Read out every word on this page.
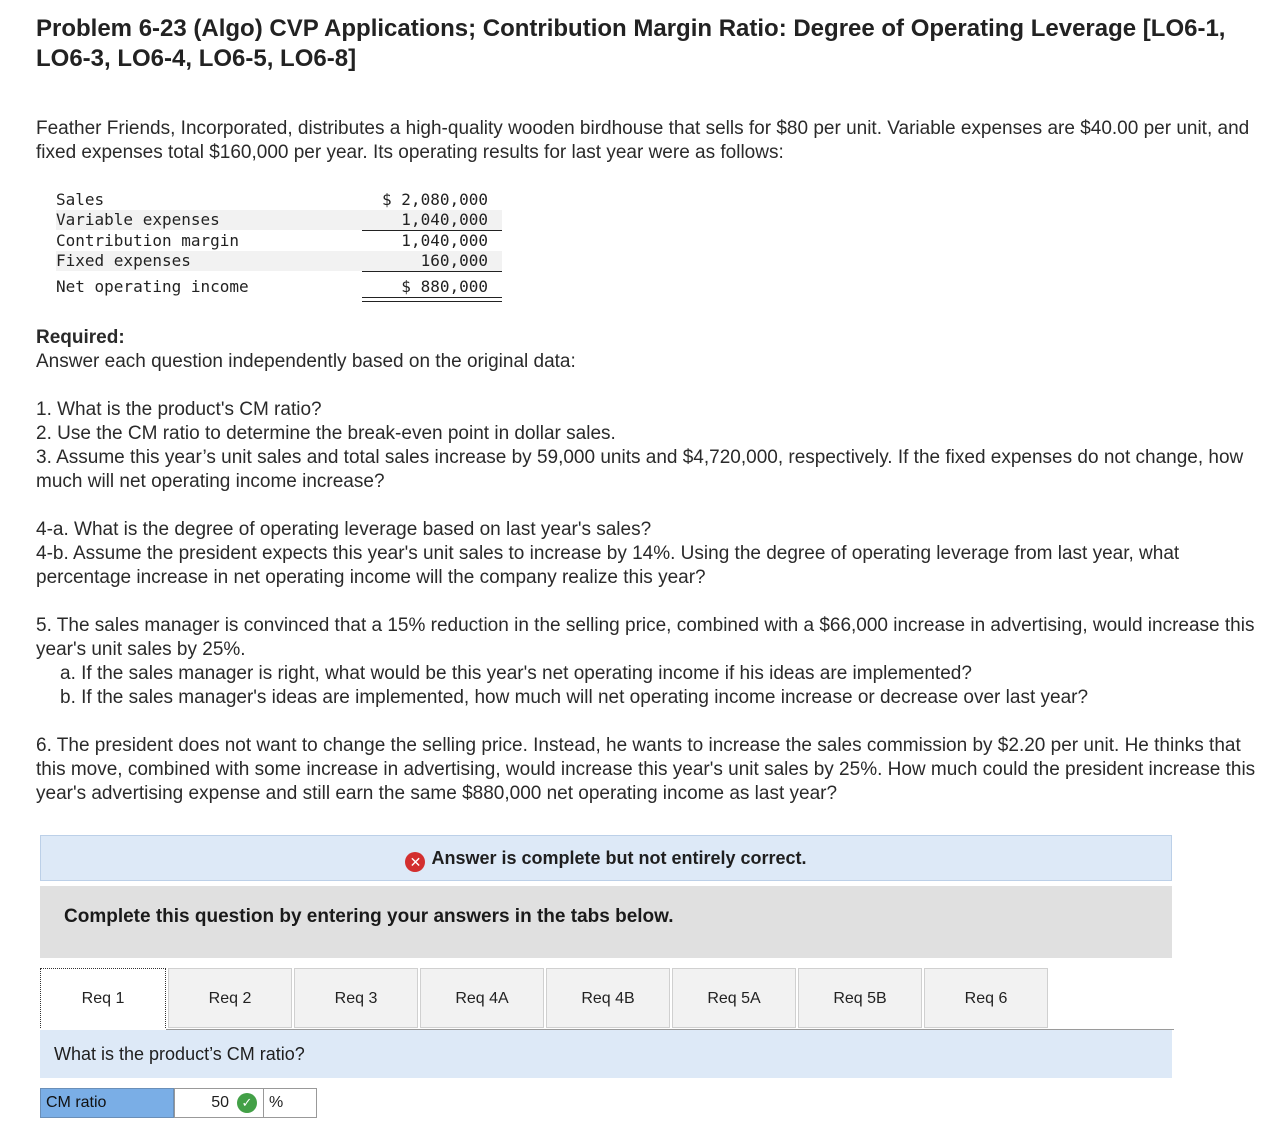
Problem 6-23 (Algo) CVP Applications; Contribution Margin Ratio: Degree of Operating Leverage [LO6-1, LO6-3, LO6-4, LO6-5, LO6-8]
Feather Friends, Incorporated, distributes a high-quality wooden birdhouse that sells for $80 per unit. Variable expenses are $40.00 per unit, and fixed expenses total $160,000 per year. Its operating results for last year were as follows:
Sales	$ 2,080,000
Variable expenses	1,040,000
Contribution margin	1,040,000
Fixed expenses	160,000
Net operating income	$ 880,000
Required:
Answer each question independently based on the original data:
1. What is the product's CM ratio?
2. Use the CM ratio to determine the break-even point in dollar sales.
3. Assume this year’s unit sales and total sales increase by 59,000 units and $4,720,000, respectively. If the fixed expenses do not change, how much will net operating income increase?
4-a. What is the degree of operating leverage based on last year's sales?
4-b. Assume the president expects this year's unit sales to increase by 14%. Using the degree of operating leverage from last year, what percentage increase in net operating income will the company realize this year?
5. The sales manager is convinced that a 15% reduction in the selling price, combined with a $66,000 increase in advertising, would increase this year's unit sales by 25%.
a. If the sales manager is right, what would be this year's net operating income if his ideas are implemented?
b. If the sales manager's ideas are implemented, how much will net operating income increase or decrease over last year?
6. The president does not want to change the selling price. Instead, he wants to increase the sales commission by $2.20 per unit. He thinks that this move, combined with some increase in advertising, would increase this year's unit sales by 25%. How much could the president increase this year's advertising expense and still earn the same $880,000 net operating income as last year?
✕ Answer is complete but not entirely correct.
Complete this question by entering your answers in the tabs below.
Req 1	Req 2	Req 3	Req 4A	Req 4B	Req 5A	Req 5B	Req 6
What is the product’s CM ratio?
CM ratio	50 ✓	%
